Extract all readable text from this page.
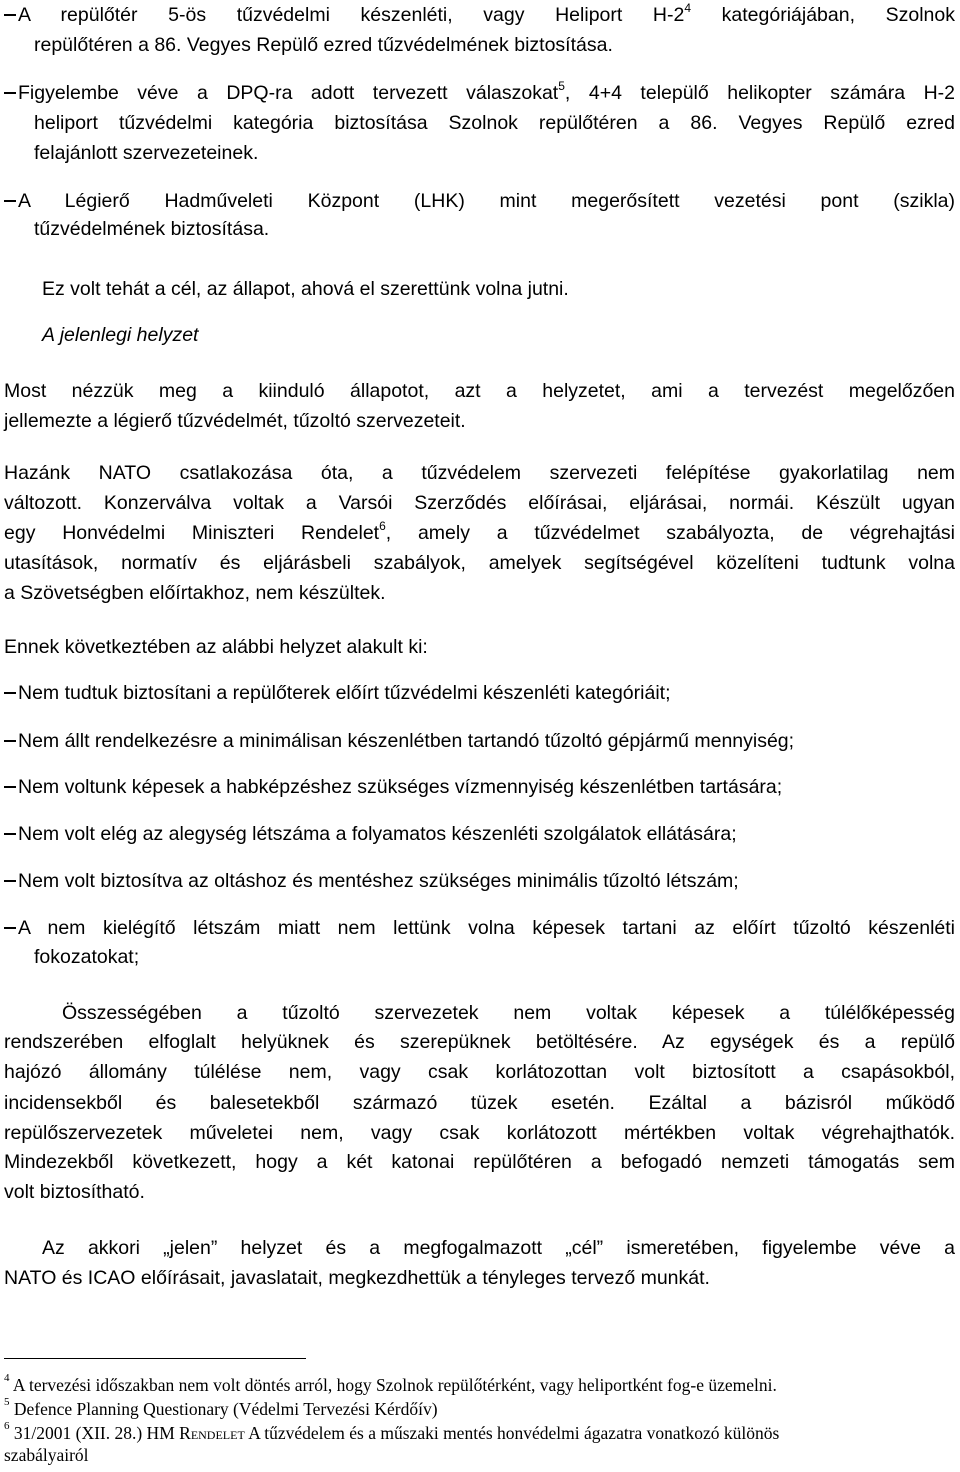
A repülőtér 5-ös tűzvédelmi készenléti, vagy Heliport $H-2^4$ kategóriájában, Szolnok

repülőtéren a 86. Vegyes Repülő ezred tűzvédelmének biztosítása.

Figyelembe véve a DPQ-ra adott tervezett válaszokat$^5$, 4+4 települő helikopter számára H-2

heliport tűzvédelmi kategória biztosítása Szolnok repülőtéren a 86. Vegyes Repülő ezred

felajánlott szervezeteinek.

A Légierő Hadműveleti Központ (LHK) mint megerősített vezetési pont (szikla)

tűzvédelmének biztosítása.

Ez volt tehát a cél, az állapot, ahová el szerettünk volna jutni.

A jelenlegi helyzet

Most nézzük meg a kiinduló állapotot, azt a helyzetet, ami a tervezést megelőzően

jellemezte a légierő tűzvédelmét, tűzoltó szervezeteit.

Hazánk NATO csatlakozása óta, a tűzvédelem szervezeti felépítése gyakorlatilag nem

változott. Konzerválva voltak a Varsói Szerződés előírásai, eljárásai, normái. Készült ugyan

egy Honvédelmi Miniszteri Rendelet$^6$, amely a tűzvédelmet szabályozta, de végrehajtási

utasítások, normatív és eljárásbeli szabályok, amelyek segítségével közelíteni tudtunk volna

a Szövetségben előírtakhoz, nem készültek.

Ennek következtében az alábbi helyzet alakult ki:

Nem tudtuk biztosítani a repülőterek előírt tűzvédelmi készenléti kategóriáit;

Nem állt rendelkezésre a minimálisan készenlétben tartandó tűzoltó gépjármű mennyiség;

Nem voltunk képesek a habképzéshez szükséges vízmennyiség készenlétben tartására;

Nem volt elég az alegység létszáma a folyamatos készenléti szolgálatok ellátására;

Nem volt biztosítva az oltáshoz és mentéshez szükséges minimális tűzoltó létszám;

A nem kielégítő létszám miatt nem lettünk volna képesek tartani az előírt tűzoltó készenléti

fokozatokat;

Összességében a tűzoltó szervezetek nem voltak képesek a túlélőképesség

rendszerében elfoglalt helyüknek és szerepüknek betöltésére. Az egységek és a repülő

hajózó állomány túlélése nem, vagy csak korlátozottan volt biztosított a csapásokból,

incidensekből és balesetekből származó tüzek esetén. Ezáltal a bázisról működő

repülőszervezetek műveletei nem, vagy csak korlátozott mértékben voltak végrehajthatók.

Mindezekből következett, hogy a két katonai repülőtéren a befogadó nemzeti támogatás sem

volt biztosítható.

Az akkori „jelen” helyzet és a megfogalmazott „cél” ismeretében, figyelembe véve a

NATO és ICAO előírásait, javaslatait, megkezdhettük a tényleges tervező munkát.

$^4$ A tervezési időszakban nem volt döntés arról, hogy Szolnok repülőtérként, vagy heliportként fog-e üzemelni.

$^5$ Defence Planning Questionary (Védelmi Tervezési Kérdőív)

$^6$ 31/2001 (XII. 28.) HM Rendelet A tűzvédelem és a műszaki mentés honvédelmi ágazatra vonatkozó különös

szabályairól
